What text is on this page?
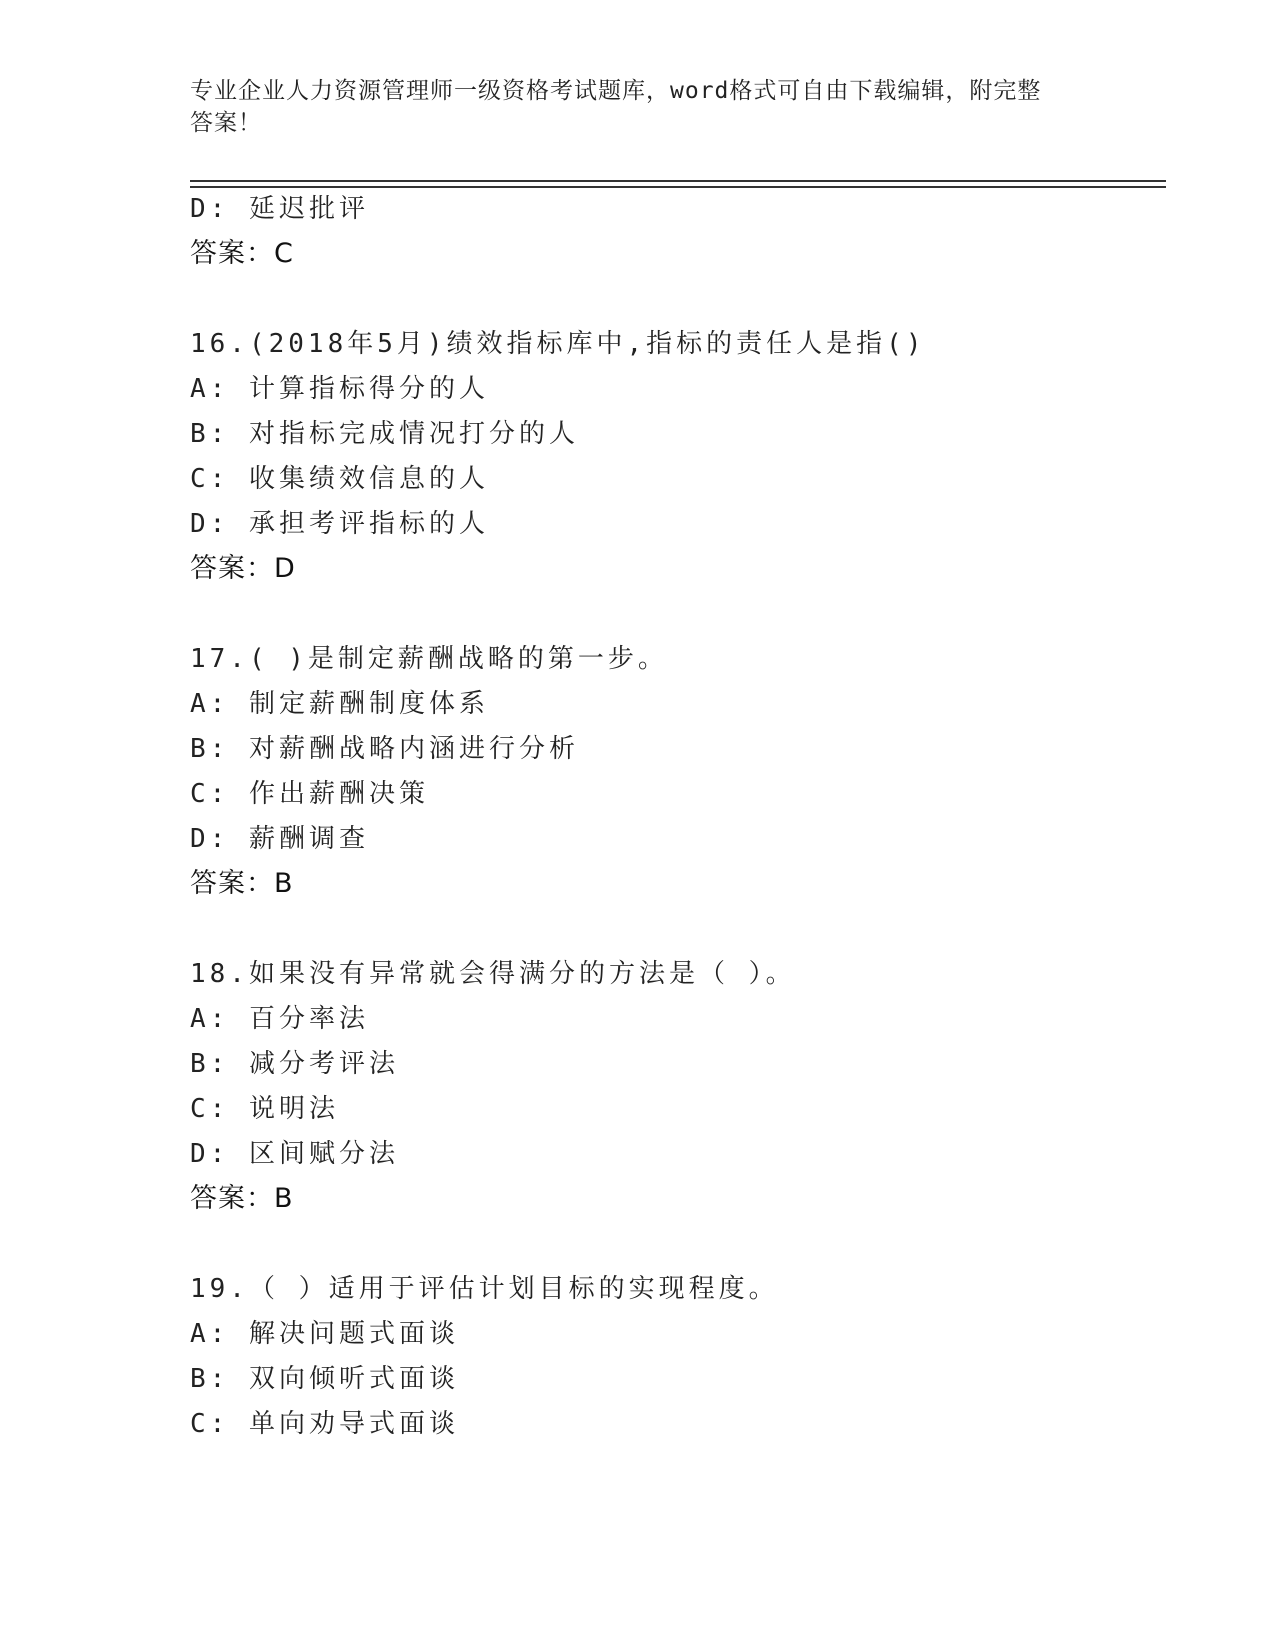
专业企业人力资源管理师一级资格考试题库，word格式可自由下载编辑，附完整
答案！
D: 延迟批评
答案：C
16.(2018年5月)绩效指标库中,指标的责任人是指()
A: 计算指标得分的人
B: 对指标完成情况打分的人
C: 收集绩效信息的人
D: 承担考评指标的人
答案：D
17.( )是制定薪酬战略的第一步。
A: 制定薪酬制度体系
B: 对薪酬战略内涵进行分析
C: 作出薪酬决策
D: 薪酬调查
答案：B
18.如果没有异常就会得满分的方法是（ ）。
A: 百分率法
B: 减分考评法
C: 说明法
D: 区间赋分法
答案：B
19.（ ）适用于评估计划目标的实现程度。
A: 解决问题式面谈
B: 双向倾听式面谈
C: 单向劝导式面谈
